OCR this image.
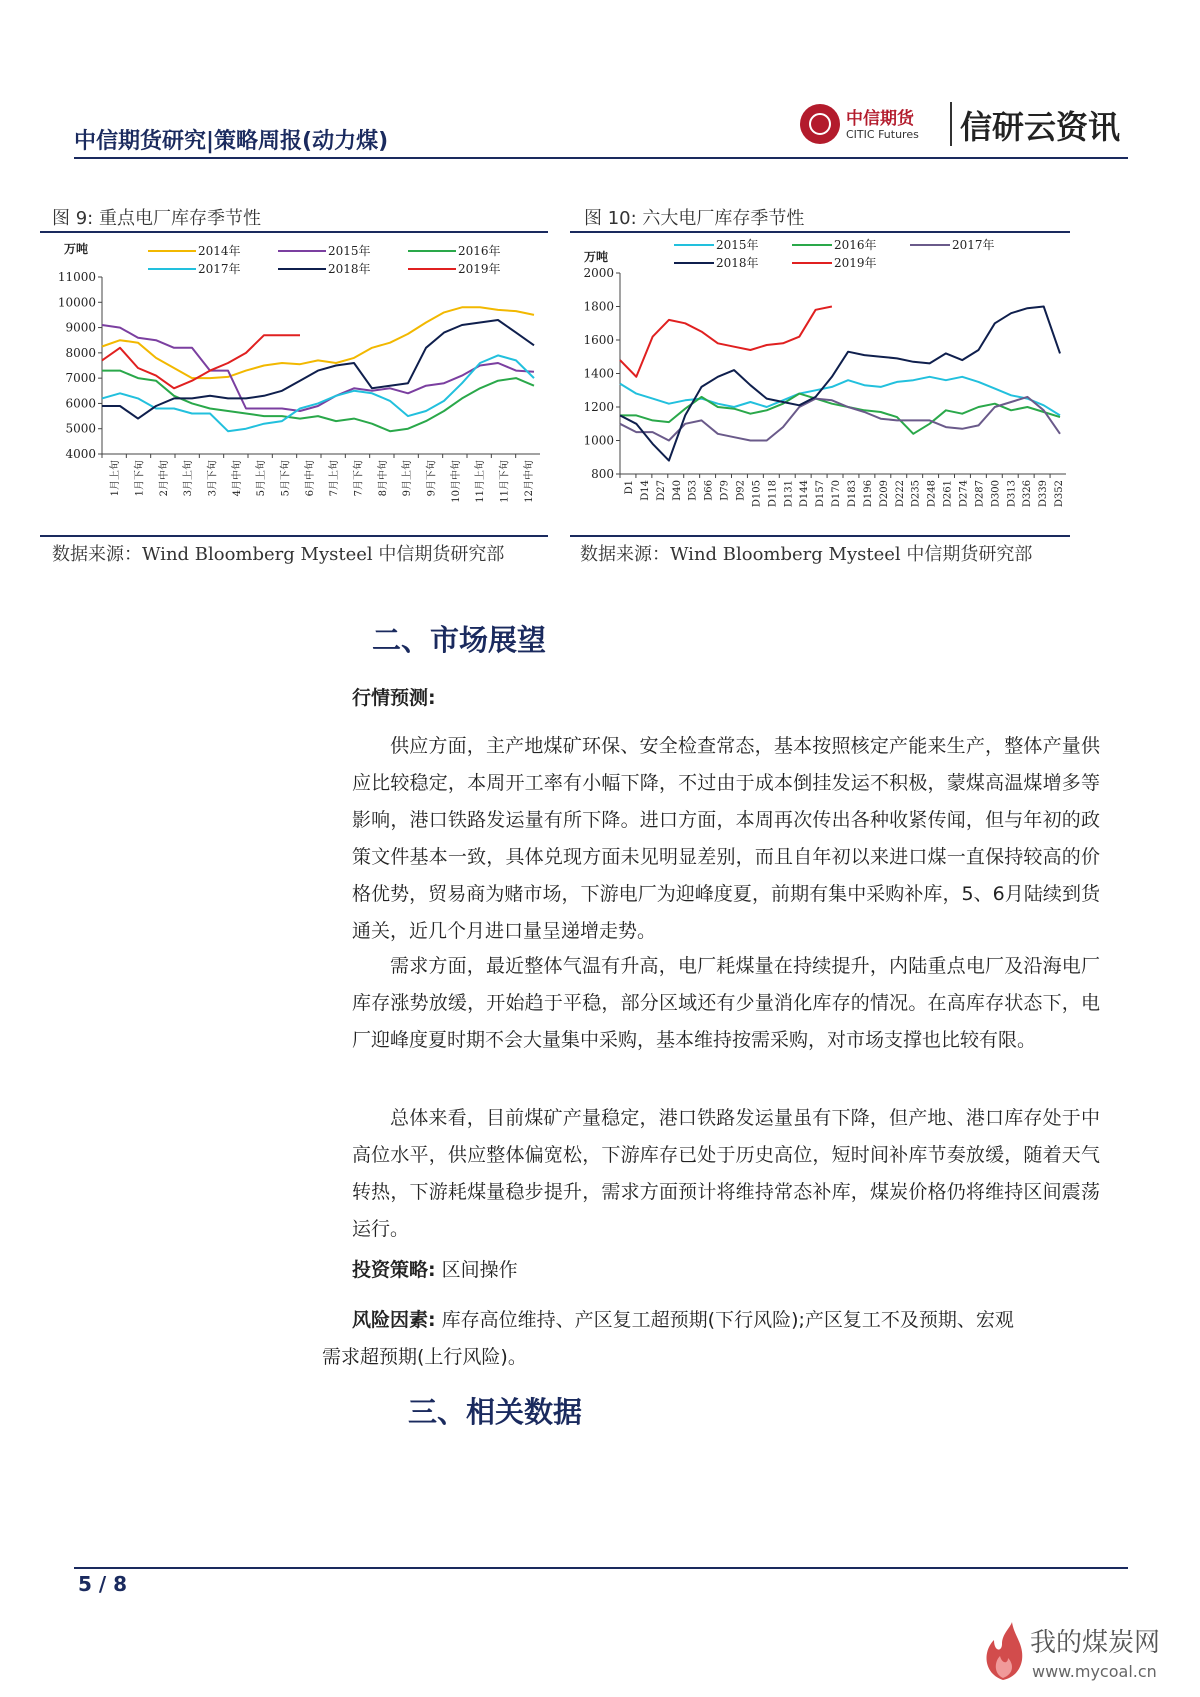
中信期货研究|策略周报(动力煤)
中信期货
CITIC Futures 信研云资讯
图 9: 重点电厂库存季节性
万吨
4000
5000
6000
7000
8000
9000
10000
11000
1月上旬 1月下旬 2月中旬 3月上旬 3月下旬 4月中旬 5月上旬 5月下旬 6月中旬 7月上旬 7月下旬 8月中旬 9月上旬 9月下旬 10月中旬 11月上旬 11月下旬 12月中旬
2014年	2015年	2016年
2017年	2018年	2019年
数据来源：Wind Bloomberg Mysteel 中信期货研究部
图 10: 六大电厂库存季节性
万吨
800
1000
1200
1400
1600
1800
2000
D1 D14 D27 D40 D53 D66 D79 D92 D105 D118 D131 D144 D157 D170 D183 D196 D209 D222 D235 D248 D261 D274 D287 D300 D313 D326 D339 D352
2015年	2016年	2017年
2018年	2019年
数据来源：Wind Bloomberg Mysteel 中信期货研究部
二、市场展望
行情预测:

供应方面，主产地煤矿环保、安全检查常态，基本按照核定产能来生产，整体产量供应比较稳定，本周开工率有小幅下降，不过由于成本倒挂发运不积极，蒙煤高温煤增多等影响，港口铁路发运量有所下降。进口方面，本周再次传出各种收紧传闻，但与年初的政策文件基本一致，具体兑现方面未见明显差别，而且自年初以来进口煤一直保持较高的价格优势，贸易商为赌市场，下游电厂为迎峰度夏，前期有集中采购补库，5、6月陆续到货通关，近几个月进口量呈递增走势。

需求方面，最近整体气温有升高，电厂耗煤量在持续提升，内陆重点电厂及沿海电厂库存涨势放缓，开始趋于平稳，部分区域还有少量消化库存的情况。在高库存状态下，电厂迎峰度夏时期不会大量集中采购，基本维持按需采购，对市场支撑也比较有限。

总体来看，目前煤矿产量稳定，港口铁路发运量虽有下降，但产地、港口库存处于中高位水平，供应整体偏宽松，下游库存已处于历史高位，短时间补库节奏放缓，随着天气转热，下游耗煤量稳步提升，需求方面预计将维持常态补库，煤炭价格仍将维持区间震荡运行。

投资策略: 区间操作
风险因素: 库存高位维持、产区复工超预期(下行风险);产区复工不及预期、宏观需求超预期(上行风险)。
三、相关数据
5 / 8
我的煤炭网
www.mycoal.cn
